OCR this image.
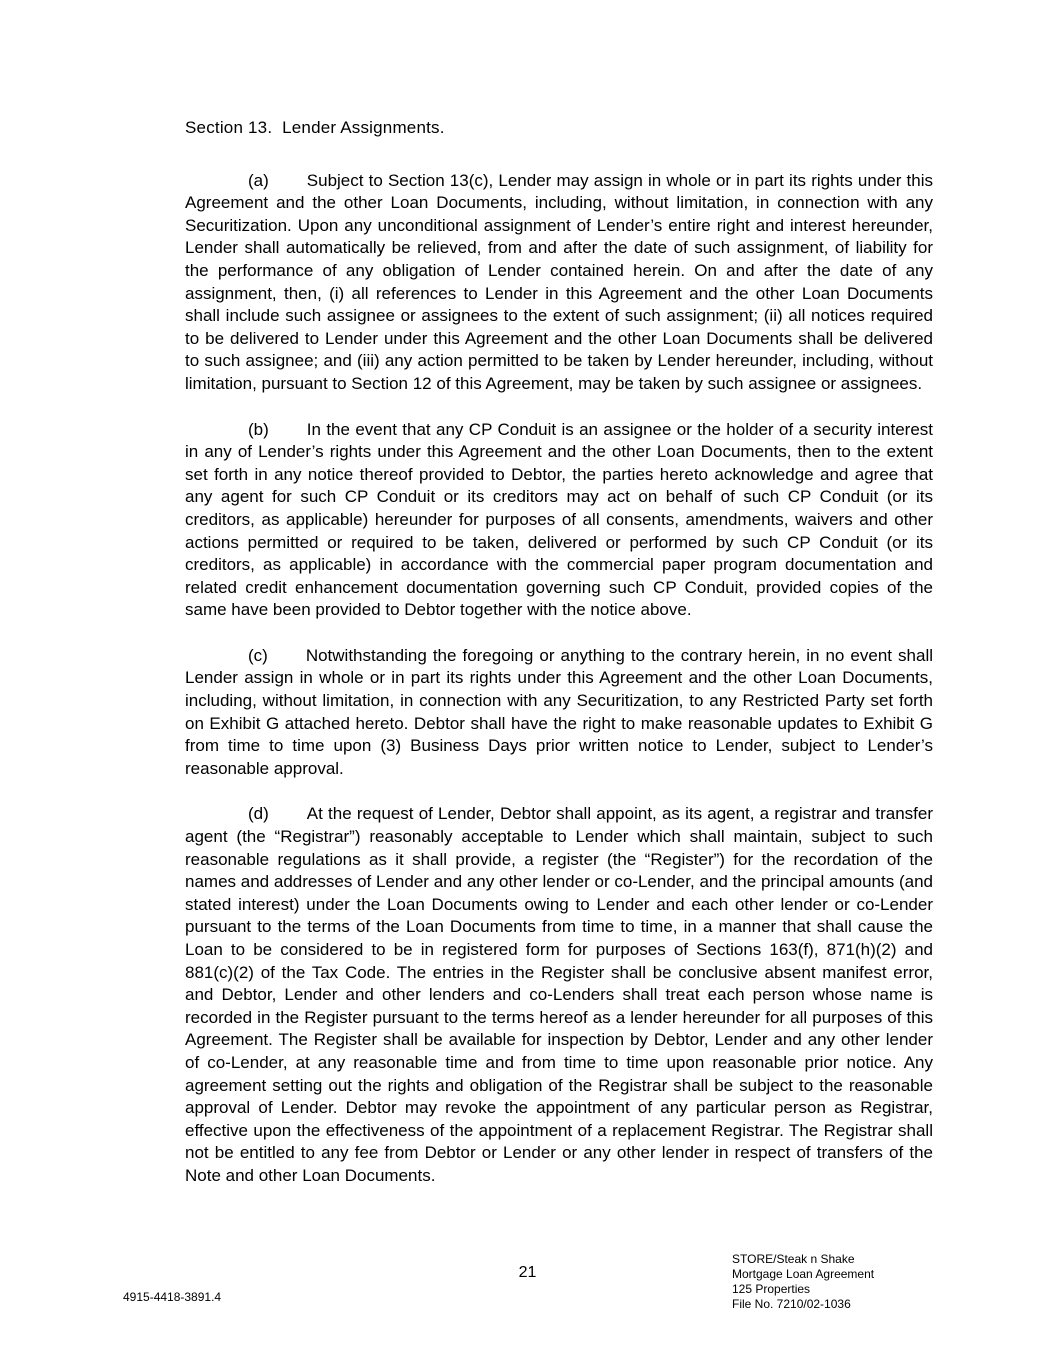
Section 13.  Lender Assignments.

(a) Subject to Section 13(c), Lender may assign in whole or in part its rights under this Agreement and the other Loan Documents, including, without limitation, in connection with any Securitization. Upon any unconditional assignment of Lender’s entire right and interest hereunder, Lender shall automatically be relieved, from and after the date of such assignment, of liability for the performance of any obligation of Lender contained herein. On and after the date of any assignment, then, (i) all references to Lender in this Agreement and the other Loan Documents shall include such assignee or assignees to the extent of such assignment; (ii) all notices required to be delivered to Lender under this Agreement and the other Loan Documents shall be delivered to such assignee; and (iii) any action permitted to be taken by Lender hereunder, including, without limitation, pursuant to Section 12 of this Agreement, may be taken by such assignee or assignees.

(b) In the event that any CP Conduit is an assignee or the holder of a security interest in any of Lender’s rights under this Agreement and the other Loan Documents, then to the extent set forth in any notice thereof provided to Debtor, the parties hereto acknowledge and agree that any agent for such CP Conduit or its creditors may act on behalf of such CP Conduit (or its creditors, as applicable) hereunder for purposes of all consents, amendments, waivers and other actions permitted or required to be taken, delivered or performed by such CP Conduit (or its creditors, as applicable) in accordance with the commercial paper program documentation and related credit enhancement documentation governing such CP Conduit, provided copies of the same have been provided to Debtor together with the notice above.

(c) Notwithstanding the foregoing or anything to the contrary herein, in no event shall Lender assign in whole or in part its rights under this Agreement and the other Loan Documents, including, without limitation, in connection with any Securitization, to any Restricted Party set forth on Exhibit G attached hereto. Debtor shall have the right to make reasonable updates to Exhibit G from time to time upon (3) Business Days prior written notice to Lender, subject to Lender’s reasonable approval.

(d) At the request of Lender, Debtor shall appoint, as its agent, a registrar and transfer agent (the “Registrar”) reasonably acceptable to Lender which shall maintain, subject to such reasonable regulations as it shall provide, a register (the “Register”) for the recordation of the names and addresses of Lender and any other lender or co-Lender, and the principal amounts (and stated interest) under the Loan Documents owing to Lender and each other lender or co-Lender pursuant to the terms of the Loan Documents from time to time, in a manner that shall cause the Loan to be considered to be in registered form for purposes of Sections 163(f), 871(h)(2) and 881(c)(2) of the Tax Code. The entries in the Register shall be conclusive absent manifest error, and Debtor, Lender and other lenders and co-Lenders shall treat each person whose name is recorded in the Register pursuant to the terms hereof as a lender hereunder for all purposes of this Agreement. The Register shall be available for inspection by Debtor, Lender and any other lender of co-Lender, at any reasonable time and from time to time upon reasonable prior notice. Any agreement setting out the rights and obligation of the Registrar shall be subject to the reasonable approval of Lender. Debtor may revoke the appointment of any particular person as Registrar, effective upon the effectiveness of the appointment of a replacement Registrar. The Registrar shall not be entitled to any fee from Debtor or Lender or any other lender in respect of transfers of the Note and other Loan Documents.

4915-4418-3891.4
21
STORE/Steak n Shake
Mortgage Loan Agreement
125 Properties
File No. 7210/02-1036
